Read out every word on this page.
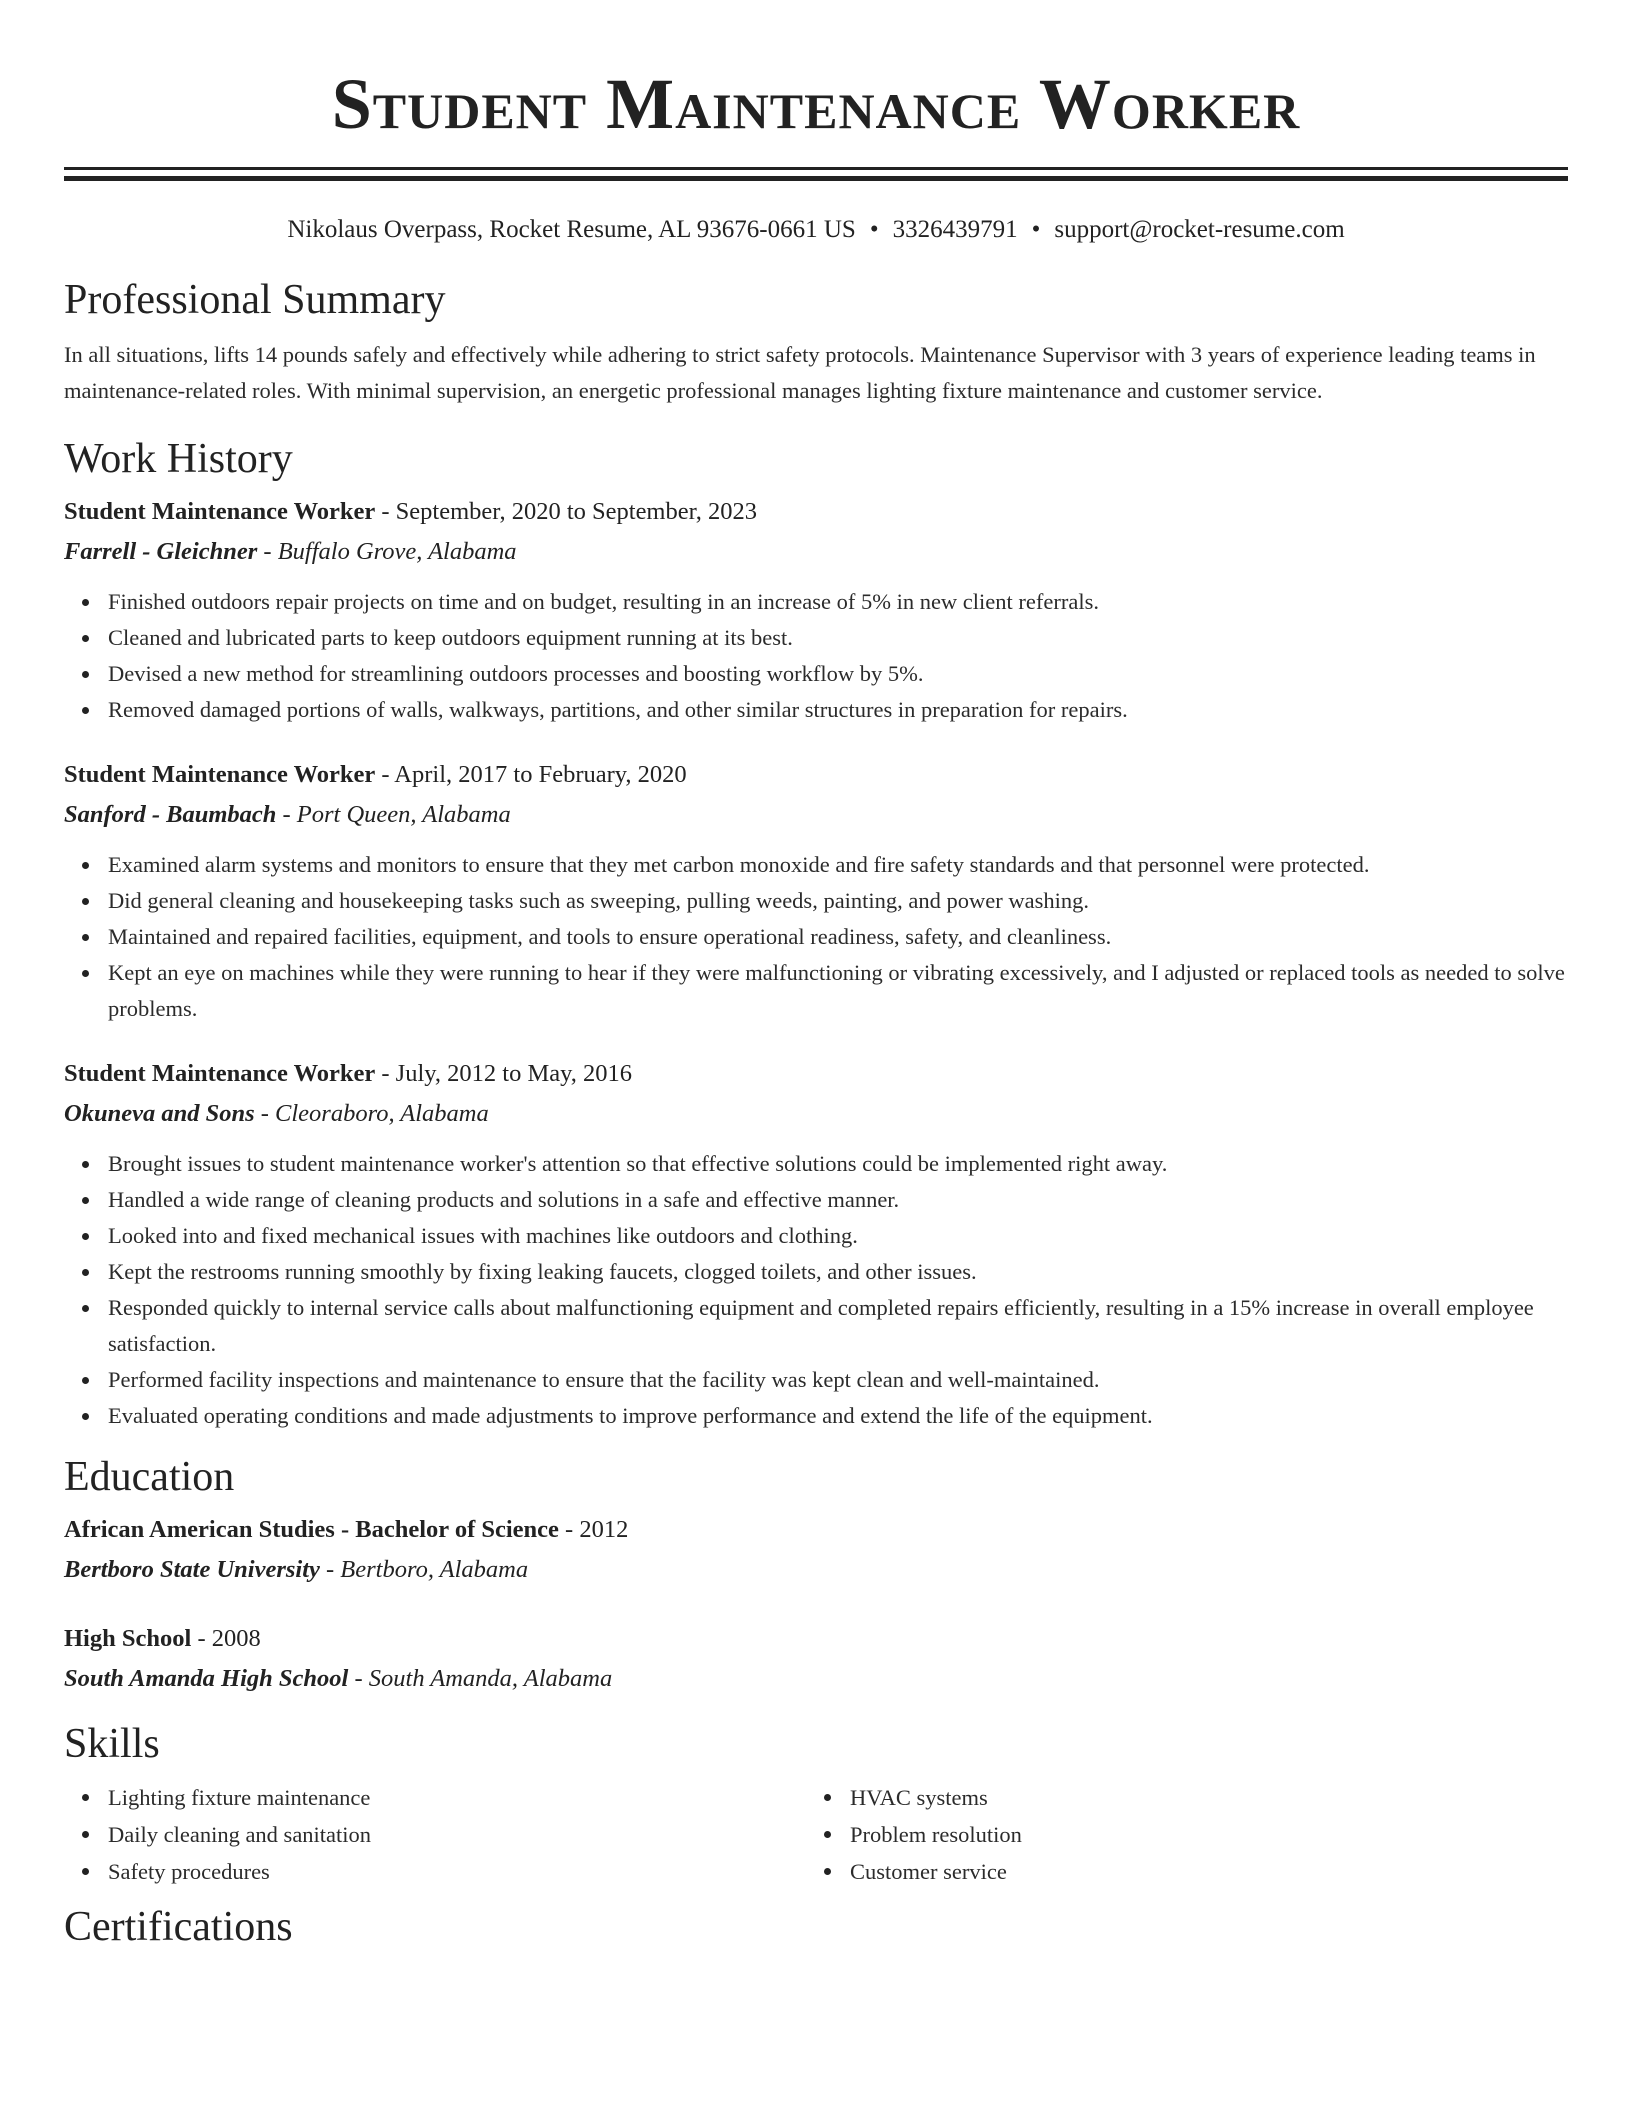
Student Maintenance Worker
Nikolaus Overpass, Rocket Resume, AL 93676-0661 US • 3326439791 • support@rocket-resume.com
Professional Summary
In all situations, lifts 14 pounds safely and effectively while adhering to strict safety protocols. Maintenance Supervisor with 3 years of experience leading teams in maintenance-related roles. With minimal supervision, an energetic professional manages lighting fixture maintenance and customer service.
Work History
Student Maintenance Worker - September, 2020 to September, 2023
Farrell - Gleichner - Buffalo Grove, Alabama
Finished outdoors repair projects on time and on budget, resulting in an increase of 5% in new client referrals.
Cleaned and lubricated parts to keep outdoors equipment running at its best.
Devised a new method for streamlining outdoors processes and boosting workflow by 5%.
Removed damaged portions of walls, walkways, partitions, and other similar structures in preparation for repairs.
Student Maintenance Worker - April, 2017 to February, 2020
Sanford - Baumbach - Port Queen, Alabama
Examined alarm systems and monitors to ensure that they met carbon monoxide and fire safety standards and that personnel were protected.
Did general cleaning and housekeeping tasks such as sweeping, pulling weeds, painting, and power washing.
Maintained and repaired facilities, equipment, and tools to ensure operational readiness, safety, and cleanliness.
Kept an eye on machines while they were running to hear if they were malfunctioning or vibrating excessively, and I adjusted or replaced tools as needed to solve problems.
Student Maintenance Worker - July, 2012 to May, 2016
Okuneva and Sons - Cleoraboro, Alabama
Brought issues to student maintenance worker's attention so that effective solutions could be implemented right away.
Handled a wide range of cleaning products and solutions in a safe and effective manner.
Looked into and fixed mechanical issues with machines like outdoors and clothing.
Kept the restrooms running smoothly by fixing leaking faucets, clogged toilets, and other issues.
Responded quickly to internal service calls about malfunctioning equipment and completed repairs efficiently, resulting in a 15% increase in overall employee satisfaction.
Performed facility inspections and maintenance to ensure that the facility was kept clean and well-maintained.
Evaluated operating conditions and made adjustments to improve performance and extend the life of the equipment.
Education
African American Studies - Bachelor of Science - 2012
Bertboro State University - Bertboro, Alabama
High School - 2008
South Amanda High School - South Amanda, Alabama
Skills
Lighting fixture maintenance
Daily cleaning and sanitation
Safety procedures
HVAC systems
Problem resolution
Customer service
Certifications
